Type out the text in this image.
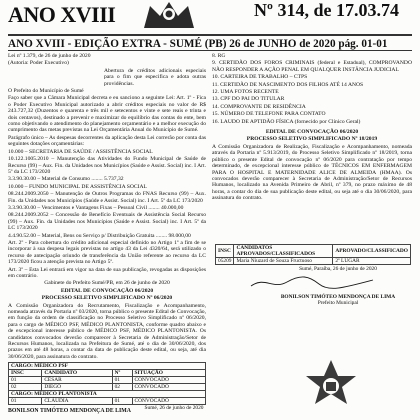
ANO XVIII	Nº 314, de 17.03.74
ANO XVIII - EDIÇÃO EXTRA - SUMÉ (PB) 26 de JUNHO de 2020 pág. 01-01

Lei nº 1.379, de 26 de junho de 2020

(Autoria: Poder Executivo)

Abertura de créditos adicionais especiais para o fim que especifica e adota outras providências.

O Prefeito do Município de Sumé

Faço saber que a Câmara Municipal decreta e eu sanciono a seguinte Lei: Art. 1º - Fica o Poder Executivo Municipal autorizado a abrir créditos especiais no valor de R$ 243.727,32 (Duzentos e quarenta e três mil e setecentos e vinte e sete reais e trinta e dois centavos), destinado a prevenir e maximizar do equilíbrio das contas do ente, bem como objetivando o atendimento do planejamento orçamentário e a melhor execução do cumprimento das metas previstas na Lei Orçamentária Anual do Município de Sumé.

Parágrafo único – As despesas decorrentes da aplicação desta Lei correrão por conta das seguintes dotações orçamentárias:

10.000 – SECRETARIA DE SAÚDE / ASSISTÊNCIA SOCIAL

10.122.1005.2010 – Manutenção das Atividades do Fundo Municipal de Saúde de Recurso (99) – Aux. Fin. da Unidades nos Municípios (Saúde e Assist. Social) inc. I Art. 5º da LC 173/2020

3.3.90.30.00 – Material de Consumo ........ 5.737,32

10.000 – FUNDO MUNICIPAL DE ASSISTÊNCIA SOCIAL

08.244.2009.2050 – Manutenção de Outros Programas do FNAS Recurso (99) – Aux. Fin. da Unidades nos Municípios (Saúde e Assist. Social) inc. I Art. 5º da LC 173/2020

3.3.90.30.00 – Vencimentos e Vantagens Fixas – Pessoal Civil ........ 40.000,00

08.244.2009.2052 – Concessão de Benefício Eventuais de Assistência Social Recurso (99) – Aux. Fin. da Unidades nos Municípios (Saúde e Assist. Social) inc. I Art. 5º da LC 173/2020

4.4.90.52.00 – Material, Bens ou Serviço p/ Distribuição Gratuita ........ 98.000,00

Art. 2º - Para cobertura do crédito adicional especial definido no Artigo 1º a fim de se incorporar à sua despesa legais previstas no artigo 43 da Lei 4320/64, será utilizado o recurso de antecipação oriundo de transferência da União referente ao recurso da LC 173/2020 ficou a atenção prevista no Artigo 5º.

Art. 3º – Esta Lei entrará em vigor na data de sua publicação, revogadas as disposições em contrário.

Gabinete do Prefeito Sumé/PB, em 26 de junho de 2020

EDITAL DE CONVOCAÇÃO 06/2020

PROCESSO SELETIVO SIMPLIFICADO Nº 06/2020

A Comissão Organizadora do Recrutamento, Fiscalização e Acompanhamento, nomeada através da Portaria nº 03/2020, torna público o presente Edital de Convocação, em função da ordem de classificação no Processo Seletivo Simplificado nº 06/2020, para o cargo de MÉDICO PSF, MÉDICO PLANTONISTA, conforme quadro abaixo e de excepcional interesse público de MÉDICO PSF, MÉDICO PLANTONISTA. Os candidatos convocados deverão comparecer à Secretaria de Administração/Setor de Recursos Humanos, localizada na Prefeitura de Sumé, até o dia de 30/06/2020, dos prazos em até 48 horas, a contar da data de publicação deste edital, ou seja, até dia 30/06/2020, para assinatura do contrato.

CARGO: MÉDICO PSF			
INSC	CANDIDATO	Nº	SITUAÇÃO
01	CÉSAR	01	CONVOCADO
02	DIEGO	02	CONVOCADO
CARGO: MÉDICO PLANTONISTA			
01	CLÁUDIA	01	CONVOCADO
Sumé, 26 de junho de 2020			
BONILSON TIMÓTEO MENDONÇA DE LIMA

8. RG

9. CERTIDÃO DOS FOROS CRIMINAIS (federal e Estadual), COMPROVANDO NÃO RESPONDER A AÇÃO PENAL EM QUALQUER INSTÂNCIA JUDICIAL

10. CARTEIRA DE TRABALHO – CTPS

11. CERTIDÃO DE NASCIMENTO DOS FILHOS ATÉ 14 ANOS

12. UMA FOTOS RECENTE

13. CPF DO PAI DO TITULAR

14. COMPROVANTE DE RESIDÊNCIA

15. NÚMERO DE TELEFONE PARA CONTATO

16. LAUDO DE APTIDÃO FÍSICA (fornecido por Clínico Geral)

EDITAL DE CONVOCAÇÃO 06/2020

PROCESSO SELETIVO SIMPLIFICADO Nº 18/2019

A Comissão Organizadora de Realização, Fiscalização e Acompanhamento, nomeada através da Portaria nº 5.913/2019, do Processo Seletivo Simplificado nº 18/2019, torna público o presente Edital de convocação nº 06/2020 para contratação por tempo determinado, de excepcional interesse público de TÉCNICOS EM ENFERMAGEM PARA O HOSPITAL E MATERNIDADE ALICE DE ALMEIDA (HMAA). Os convocados deverão comparecer à Secretaria de Administração/Setor de Recursos Humanos, localizado na Avenida Primeiro de Abril, nº 379, no prazo máximo de 48 horas, a contar do dia de sua publicação deste edital, ou seja até o dia 30/06/2020, para assinatura do contrato.

INSC	CANDIDATOS APROVADOS/CLASSIFICADOS	APROVADO/CLASSIFICADO
05209	Maria Niuzard de Souza Fructuoso	2º LUGAR
Sumé, Paraíba, 26 de junho de 2020
BONILSON TIMÓTEO MENDONÇA DE LIMA
Prefeito Municipal
